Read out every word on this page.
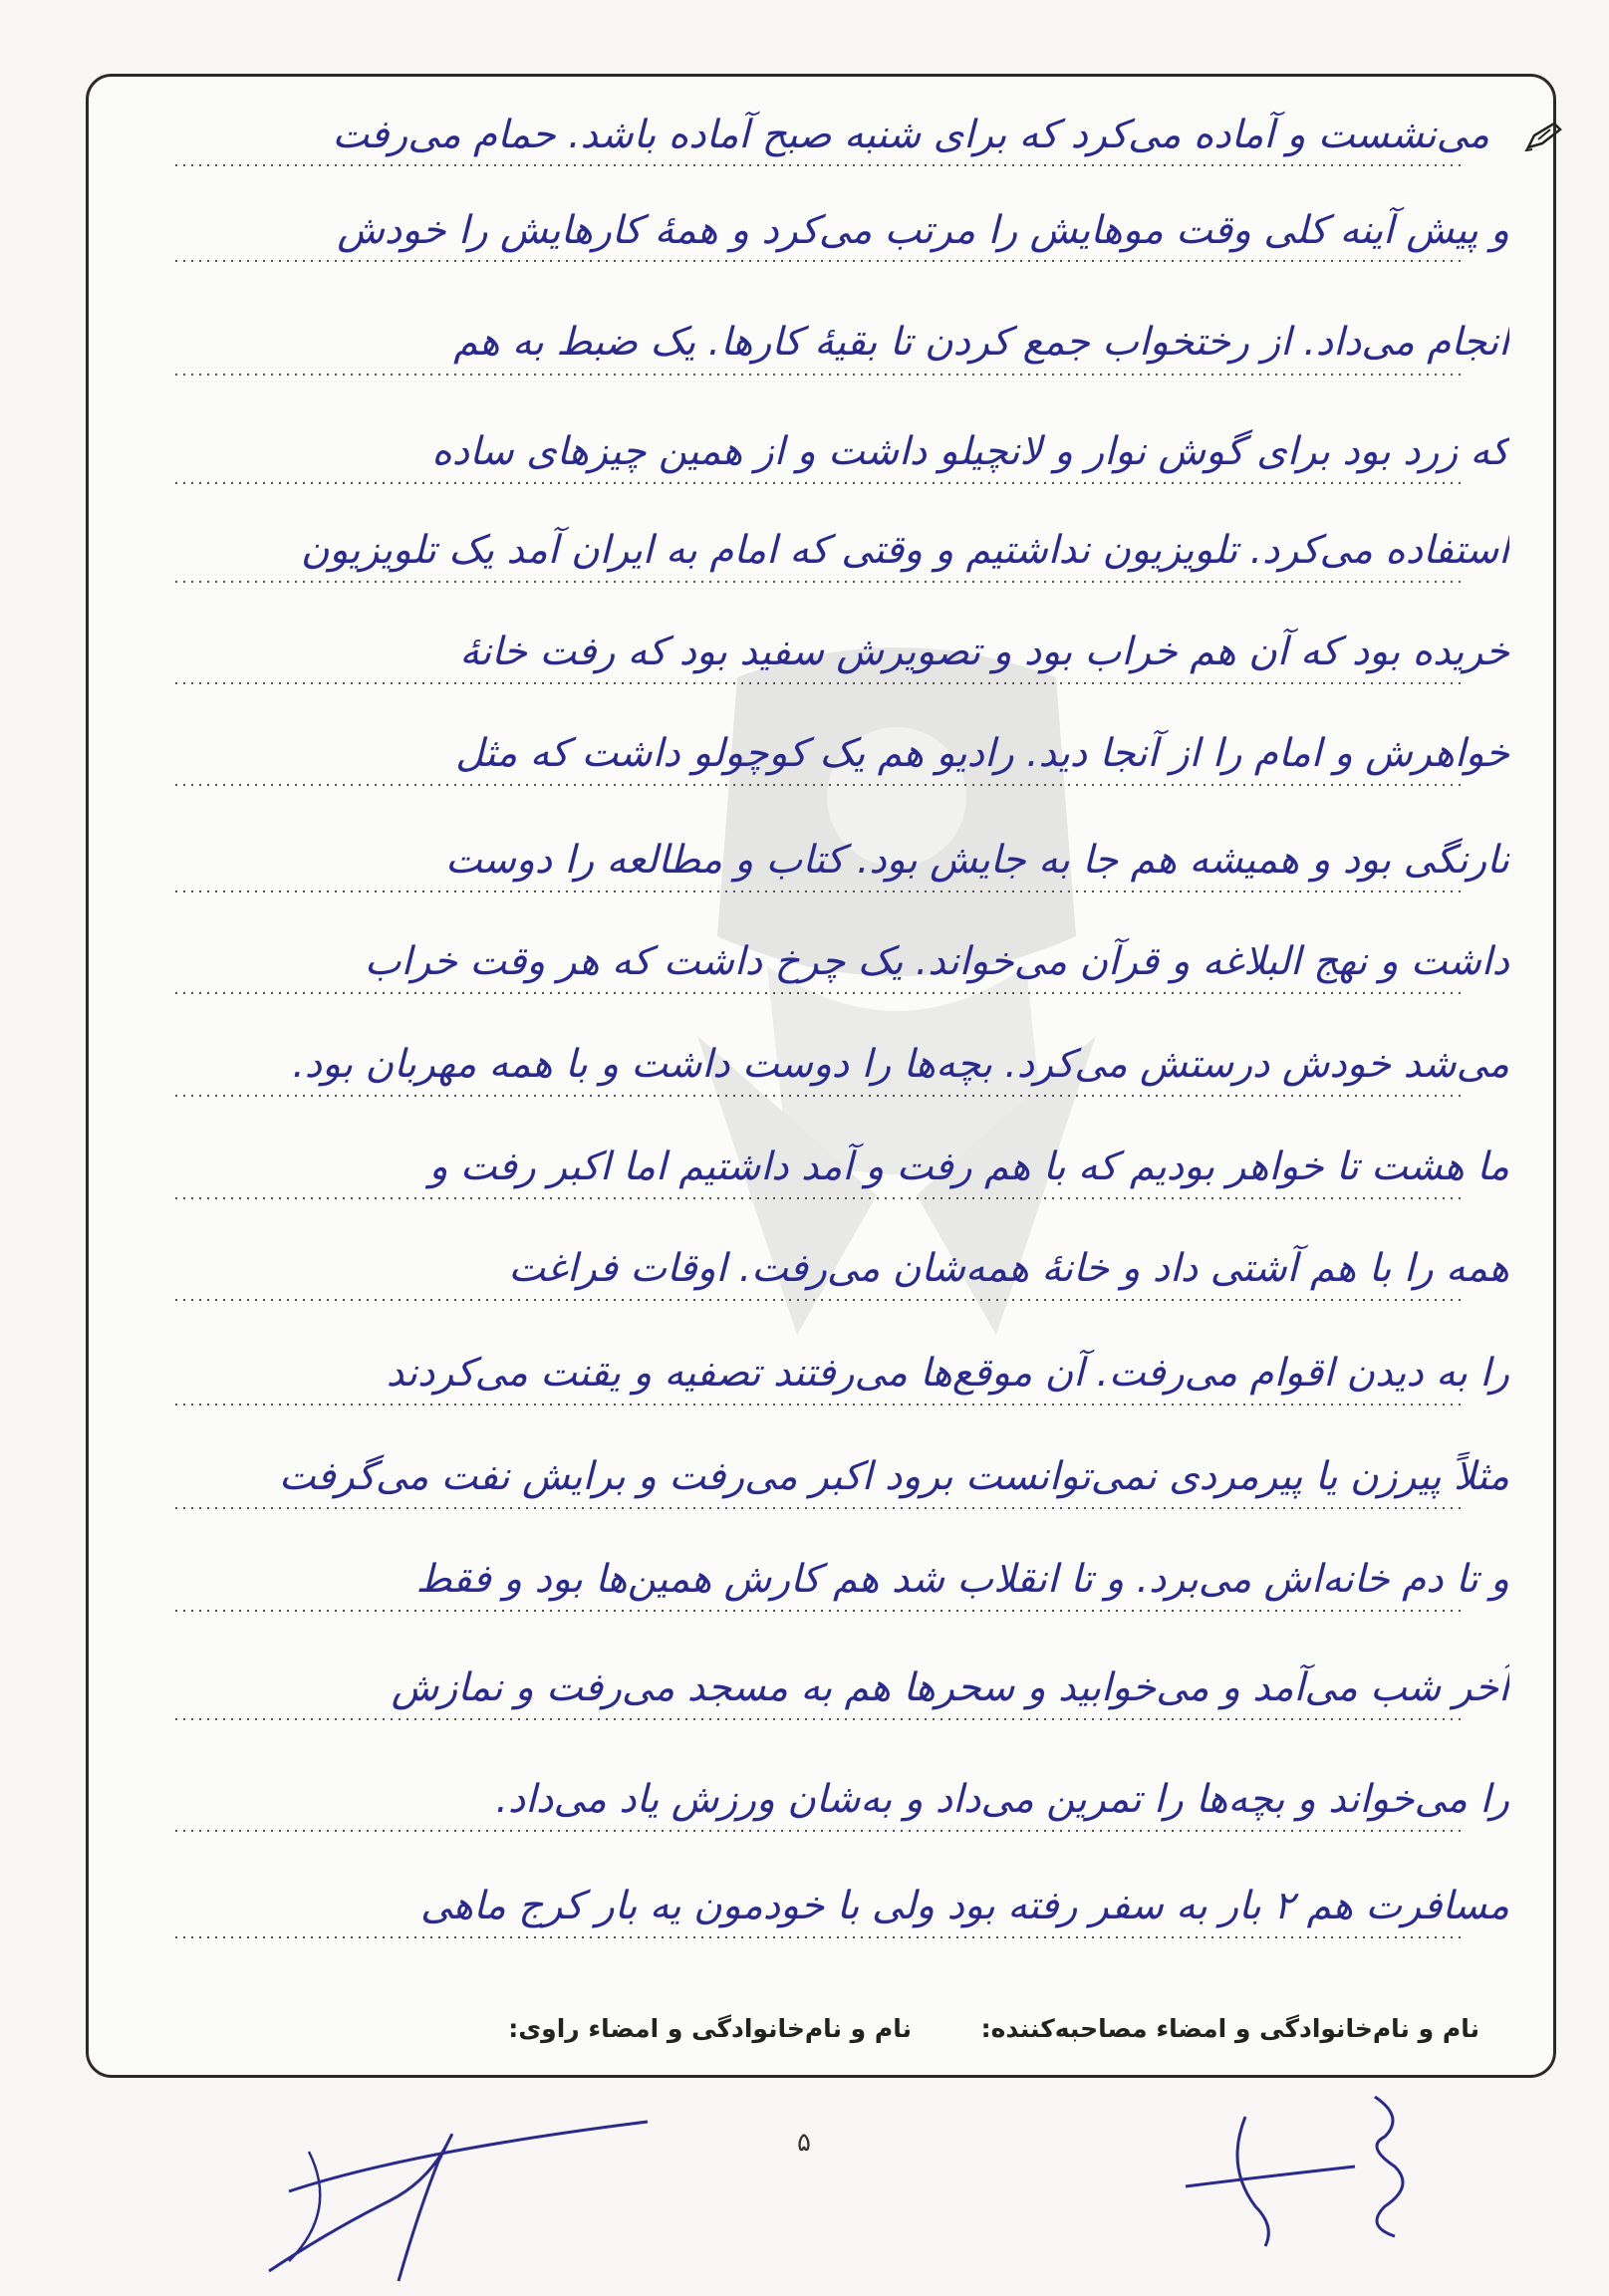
می‌نشست و آماده می‌کرد که برای شنبه صبح آماده باشد. حمام می‌رفت
و پیش آینه کلی وقت موهایش را مرتب می‌کرد و همهٔ کارهایش را خودش
انجام می‌داد. از رختخواب جمع کردن تا بقیهٔ کارها. یک ضبط به هم
که زرد بود برای گوش نوار و لانچیلو داشت و از همین چیزهای ساده
استفاده می‌کرد. تلویزیون نداشتیم و وقتی که امام به ایران آمد یک تلویزیون
خریده بود که آن هم خراب بود و تصویرش سفید بود که رفت خانهٔ
خواهرش و امام را از آنجا دید. رادیو هم یک کوچولو داشت که مثل
نارنگی بود و همیشه هم جا به جایش بود. کتاب و مطالعه را دوست
داشت و نهج البلاغه و قرآن می‌خواند. یک چرخ داشت که هر وقت خراب
می‌شد خودش درستش می‌کرد. بچه‌ها را دوست داشت و با همه مهربان بود.
ما هشت تا خواهر بودیم که با هم رفت و آمد داشتیم اما اکبر رفت و
همه را با هم آشتی داد و خانهٔ همه‌شان می‌رفت. اوقات فراغت
را به دیدن اقوام می‌رفت. آن موقع‌ها می‌رفتند تصفیه و یقنت می‌کردند
مثلاً پیرزن یا پیرمردی نمی‌توانست برود اکبر می‌رفت و برایش نفت می‌گرفت
و تا دم خانه‌اش می‌برد. و تا انقلاب شد هم کارش همین‌ها بود و فقط
آخر شب می‌آمد و می‌خوابید و سحرها هم به مسجد می‌رفت و نمازش
را می‌خواند و بچه‌ها را تمرین می‌داد و به‌شان ورزش یاد می‌داد.
مسافرت هم ۲ بار به سفر رفته بود ولی با خودمون یه بار کرج ماهی
نام و نام‌خانوادگی و امضاء مصاحبه‌کننده:
نام و نام‌خانوادگی و امضاء راوی:
۵
